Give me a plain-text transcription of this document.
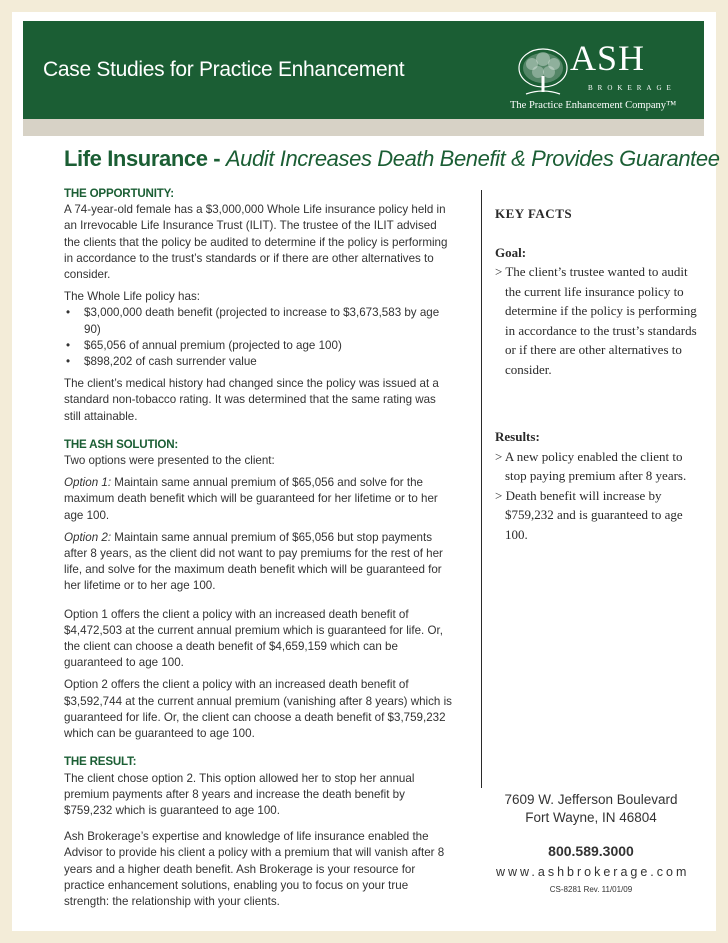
Case Studies for Practice Enhancement	ASH
BROKERAGE
The Practice Enhancement Company™
Life Insurance - Audit Increases Death Benefit & Provides Guarantee

THE OPPORTUNITY:

A 74-year-old female has a $3,000,000 Whole Life insurance policy held in an Irrevocable Life Insurance Trust (ILIT). The trustee of the ILIT advised the clients that the policy be audited to determine if the policy is performing in accordance to the trust’s standards or if there are other alternatives to consider.

The Whole Life policy has:

• $3,000,000 death benefit (projected to increase to $3,673,583 by age 90)
• $65,056 of annual premium (projected to age 100)
• $898,202 of cash surrender value

The client’s medical history had changed since the policy was issued at a standard non-tobacco rating. It was determined that the same rating was still attainable.

THE ASH SOLUTION:

Two options were presented to the client:

Option 1: Maintain same annual premium of $65,056 and solve for the maximum death benefit which will be guaranteed for her lifetime or to her age 100.

Option 2: Maintain same annual premium of $65,056 but stop payments after 8 years, as the client did not want to pay premiums for the rest of her life, and solve for the maximum death benefit which will be guaranteed for her lifetime or to her age 100.

Option 1 offers the client a policy with an increased death benefit of $4,472,503 at the current annual premium which is guaranteed for life. Or, the client can choose a death benefit of $4,659,159 which can be guaranteed to age 100.

Option 2 offers the client a policy with an increased death benefit of $3,592,744 at the current annual premium (vanishing after 8 years) which is guaranteed for life. Or, the client can choose a death benefit of $3,759,232 which can be guaranteed to age 100.

THE RESULT:

The client chose option 2. This option allowed her to stop her annual premium payments after 8 years and increase the death benefit by $759,232 which is guaranteed to age 100.

Ash Brokerage’s expertise and knowledge of life insurance enabled the Advisor to provide his client a policy with a premium that will vanish after 8 years and a higher death benefit. Ash Brokerage is your resource for practice enhancement solutions, enabling you to focus on your true strength: the relationship with your clients.

KEY FACTS

Goal:

> The client’s trustee wanted to audit the current life insurance policy to determine if the policy is performing in accordance to the trust’s standards or if there are other alternatives to consider.

Results:

> A new policy enabled the client to stop paying premium after 8 years.

> Death benefit will increase by $759,232 and is guaranteed to age 100.

7609 W. Jefferson Boulevard
Fort Wayne, IN 46804
800.589.3000
www.ashbrokerage.com
CS-8281 Rev. 11/01/09
